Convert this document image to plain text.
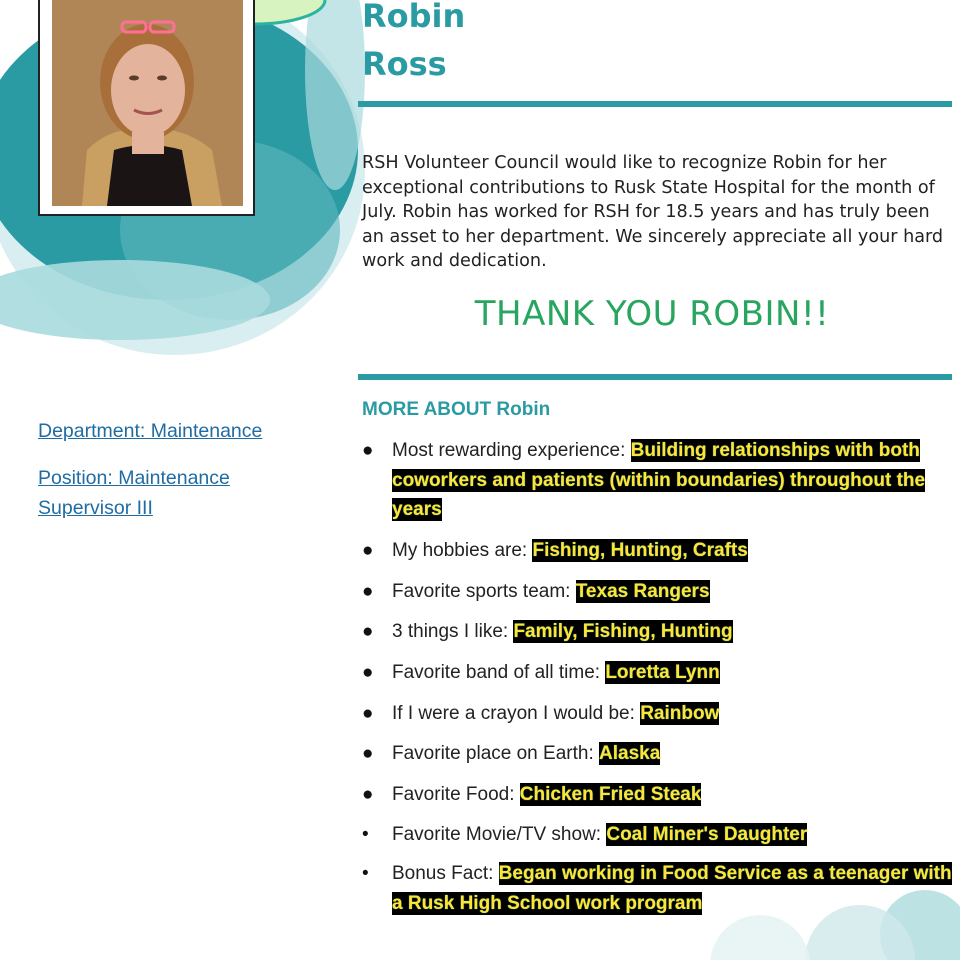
Robin
Ross
RSH Volunteer Council would like to recognize Robin for her exceptional contributions to Rusk State Hospital for the month of July. Robin has worked for RSH for 18.5 years and has truly been an asset to her department. We sincerely appreciate all your hard work and dedication.
THANK YOU ROBIN!!
MORE ABOUT Robin
Department: Maintenance
Position: Maintenance
Supervisor III
● Most rewarding experience: Building relationships with both coworkers and patients (within boundaries) throughout the years
● My hobbies are: Fishing, Hunting, Crafts
● Favorite sports team: Texas Rangers
● 3 things I like: Family, Fishing, Hunting
● Favorite band of all time: Loretta Lynn
● If I were a crayon I would be: Rainbow
● Favorite place on Earth: Alaska
● Favorite Food: Chicken Fried Steak
•	Favorite Movie/TV show: Coal Miner's Daughter
•	Bonus Fact: Began working in Food Service as a teenager with a Rusk High School work program
